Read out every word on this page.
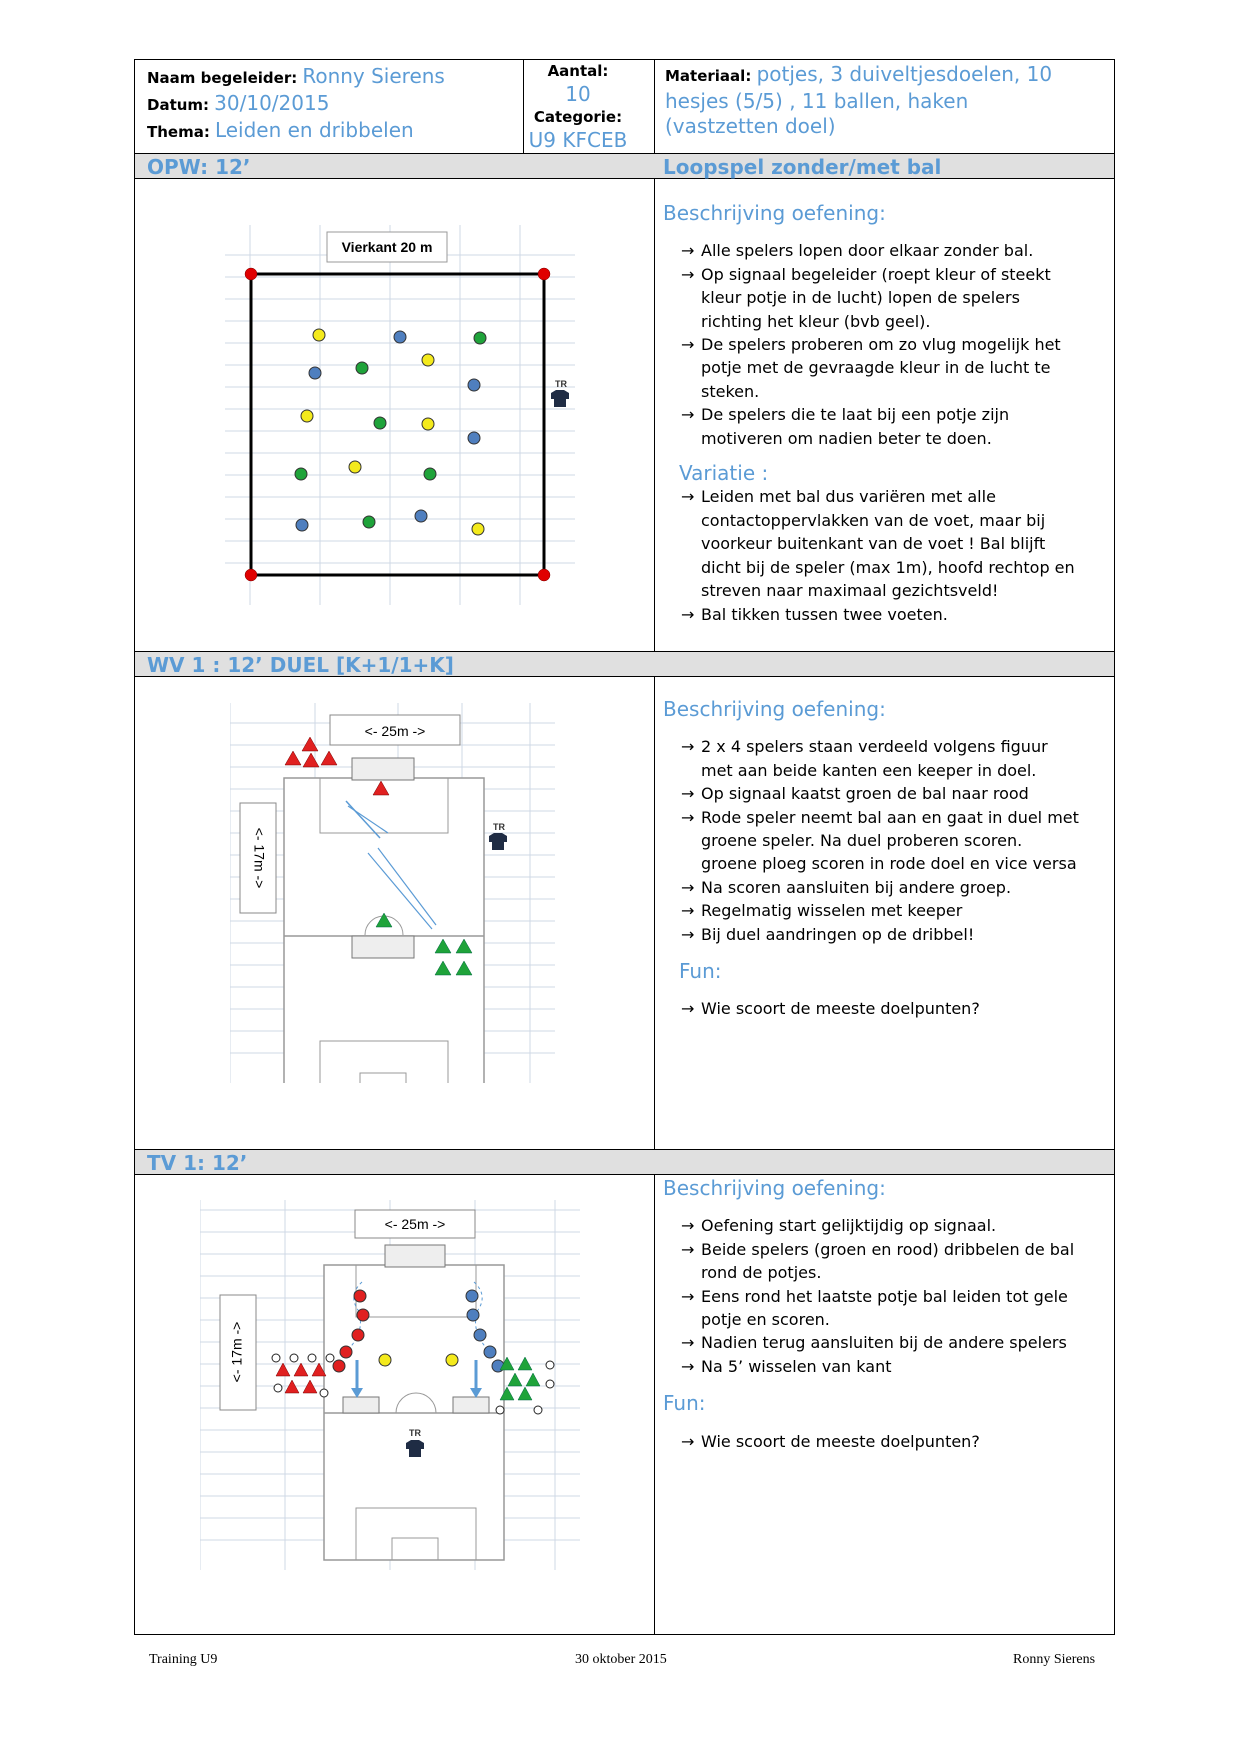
Naam begeleider: Ronny Sierens
Datum: 30/10/2015
Thema: Leiden en dribbelen
Aantal:
10
Categorie:
U9 KFCEB
Materiaal: potjes, 3 duiveltjesdoelen, 10
hesjes (5/5) , 11 ballen, haken
(vastzetten doel)
OPW: 12’	Loopspel zonder/met bal
Vierkant 20 m
TR
Beschrijving oefening:
→ Alle spelers lopen door elkaar zonder bal.
→ Op signaal begeleider (roept kleur of steekt
kleur potje in de lucht) lopen de spelers
richting het kleur (bvb geel).
→ De spelers proberen om zo vlug mogelijk het
potje met de gevraagde kleur in de lucht te
steken.
→ De spelers die te laat bij een potje zijn
motiveren om nadien beter te doen.
Variatie :
→ Leiden met bal dus variëren met alle
contactoppervlakken van de voet, maar bij
voorkeur buitenkant van de voet ! Bal blijft
dicht bij de speler (max 1m), hoofd rechtop en
streven naar maximaal gezichtsveld!
→ Bal tikken tussen twee voeten.
WV 1 : 12’ DUEL [K+1/1+K]
<- 25m ->
<- 17m ->
TR
Beschrijving oefening:
→ 2 x 4 spelers staan verdeeld volgens figuur
met aan beide kanten een keeper in doel.
→ Op signaal kaatst groen de bal naar rood
→ Rode speler neemt bal aan en gaat in duel met
groene speler. Na duel proberen scoren.
groene ploeg scoren in rode doel en vice versa
→ Na scoren aansluiten bij andere groep.
→ Regelmatig wisselen met keeper
→ Bij duel aandringen op de dribbel!
Fun:
→ Wie scoort de meeste doelpunten?
TV 1: 12’
<- 25m ->
<- 17m ->
TR
Beschrijving oefening:
→ Oefening start gelijktijdig op signaal.
→ Beide spelers (groen en rood) dribbelen de bal
rond de potjes.
→ Eens rond het laatste potje bal leiden tot gele
potje en scoren.
→ Nadien terug aansluiten bij de andere spelers
→ Na 5’ wisselen van kant
Fun:
→ Wie scoort de meeste doelpunten?
Training U9	30 oktober 2015	Ronny Sierens
